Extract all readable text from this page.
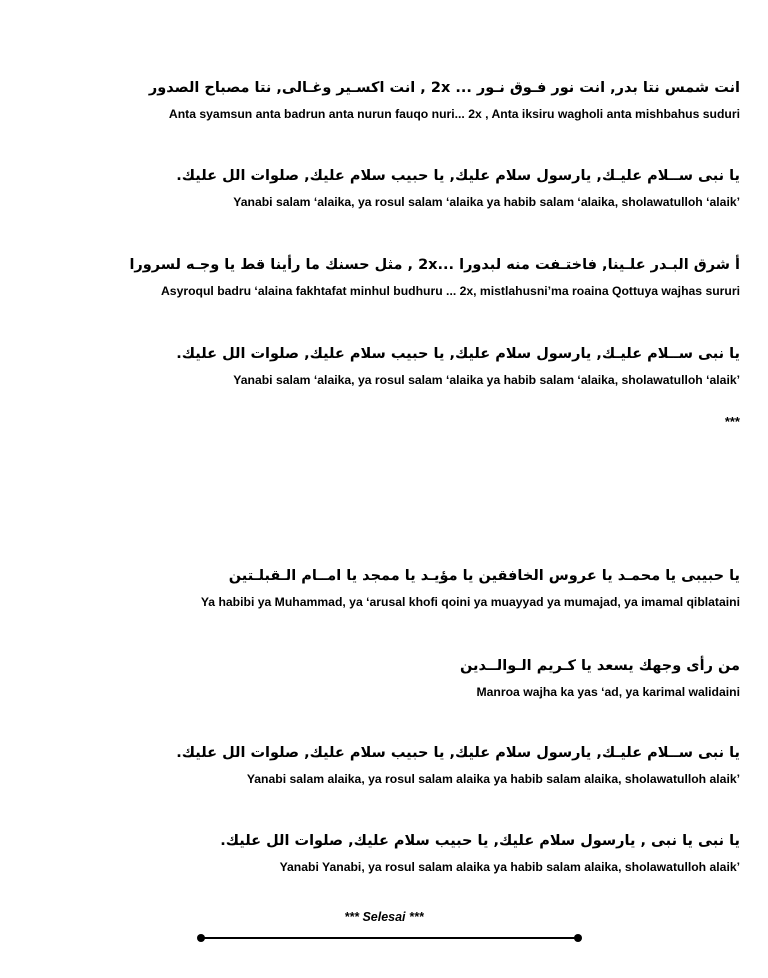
انت شمس نتا بدر, انت نور فـوق نـور ... 2x , انت اكسـير وغـالى, نتا مصباح الصدور
Anta syamsun anta badrun anta nurun fauqo nuri... 2x , Anta iksiru wagholi anta mishbahus suduri
يا نبى ســلام عليـك, يارسول سلام عليك, يا حبيب سلام عليك, صلوات الل عليك.
Yanabi salam ‘alaika, ya rosul salam ‘alaika ya habib salam ‘alaika, sholawatulloh ‘alaik’
أ شرق البـدر علـينا, فاختـفت منه لبدورا ...2x , مثل حسنك ما رأينا قط يا وجـه لسرورا
Asyroqul badru ‘alaina fakhtafat minhul budhuru ... 2x, mistlahusni’ma roaina Qottuya wajhas sururi
يا نبى ســلام عليـك, يارسول سلام عليك, يا حبيب سلام عليك, صلوات الل عليك.
Yanabi salam ‘alaika, ya rosul salam ‘alaika ya habib salam ‘alaika, sholawatulloh ‘alaik’
***
يا حبيبى يا محمـد يا عروس الخافقين يا مؤيـد يا ممجد يا امــام الـقبلـتين
Ya habibi ya Muhammad, ya ‘arusal khofi qoini ya muayyad ya mumajad, ya imamal qiblataini
من رأى وجهك يسعد يا كـريم الـوالــدين
Manroa wajha ka yas ‘ad, ya karimal walidaini
يا نبى ســلام عليـك, يارسول سلام عليك, يا حبيب سلام عليك, صلوات الل عليك.
Yanabi salam alaika, ya rosul salam alaika ya habib salam alaika, sholawatulloh alaik’
يا نبى يا نبى , يارسول سلام عليك, يا حبيب سلام عليك, صلوات الل عليك.
Yanabi Yanabi, ya rosul salam alaika ya habib salam alaika, sholawatulloh alaik’
*** Selesai ***
